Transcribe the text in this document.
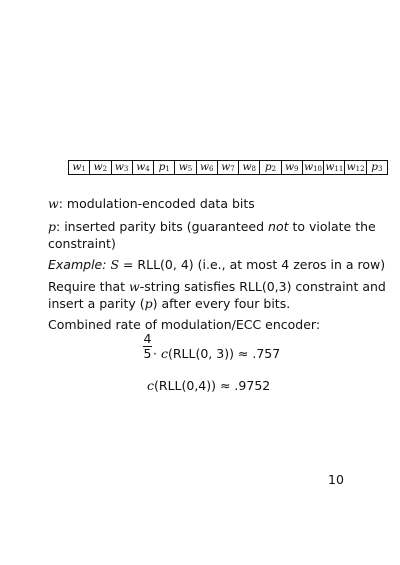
$w_1$ $w_2$ $w_3$ $w_4$ $p_1$ $w_5$ $w_6$ $w_7$ $w_8$ $p_2$ $w_9$ $w_{10}$ $w_{11}$ $w_{12}$ $p_3$
w: modulation-encoded data bits
p: inserted parity bits (guaranteed not to violate the
constraint)
Example: S = RLL(0, 4) (i.e., at most 4 zeros in a row)
Require that w-string satisfies RLL(0,3) constraint and
insert a parity (p) after every four bits.
Combined rate of modulation/ECC encoder:
4
5 · c(RLL(0, 3)) ≈ .757
c(RLL(0,4)) ≈ .9752
10
